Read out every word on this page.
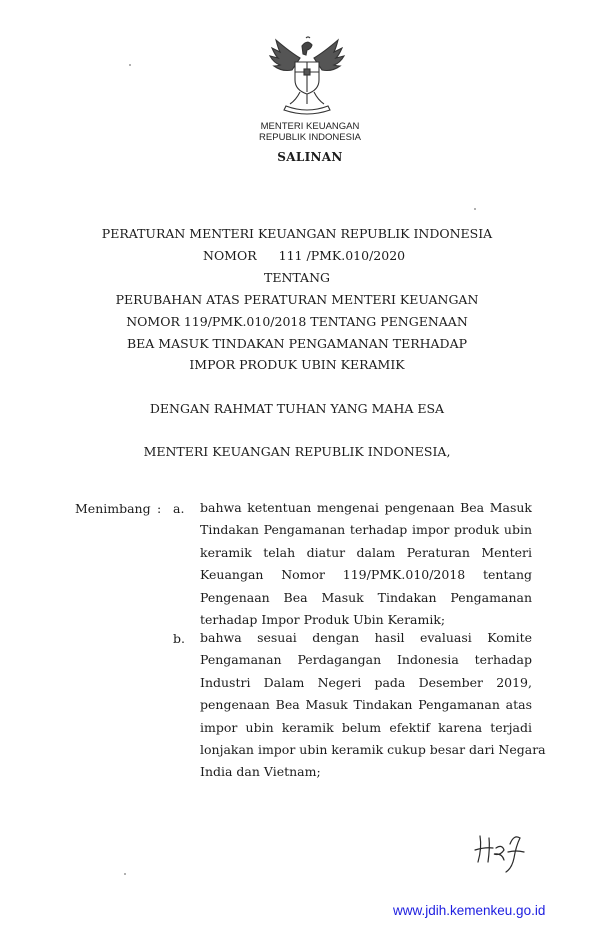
MENTERI KEUANGAN
REPUBLIK INDONESIA
SALINAN
PERATURAN MENTERI KEUANGAN REPUBLIK INDONESIA
NOMOR 111 /PMK.010/2020
TENTANG
PERUBAHAN ATAS PERATURAN MENTERI KEUANGAN
NOMOR 119/PMK.010/2018 TENTANG PENGENAAN
BEA MASUK TINDAKAN PENGAMANAN TERHADAP
IMPOR PRODUK UBIN KERAMIK
DENGAN RAHMAT TUHAN YANG MAHA ESA
MENTERI KEUANGAN REPUBLIK INDONESIA,
Menimbang : a. bahwa ketentuan mengenai pengenaan Bea Masuk
Tindakan Pengamanan terhadap impor produk ubin
keramik telah diatur dalam Peraturan Menteri
Keuangan Nomor 119/PMK.010/2018 tentang
Pengenaan Bea Masuk Tindakan Pengamanan
terhadap Impor Produk Ubin Keramik;
b. bahwa sesuai dengan hasil evaluasi Komite
Pengamanan Perdagangan Indonesia terhadap
Industri Dalam Negeri pada Desember 2019,
pengenaan Bea Masuk Tindakan Pengamanan atas
impor ubin keramik belum efektif karena terjadi
lonjakan impor ubin keramik cukup besar dari Negara
India dan Vietnam;
www.jdih.kemenkeu.go.id
